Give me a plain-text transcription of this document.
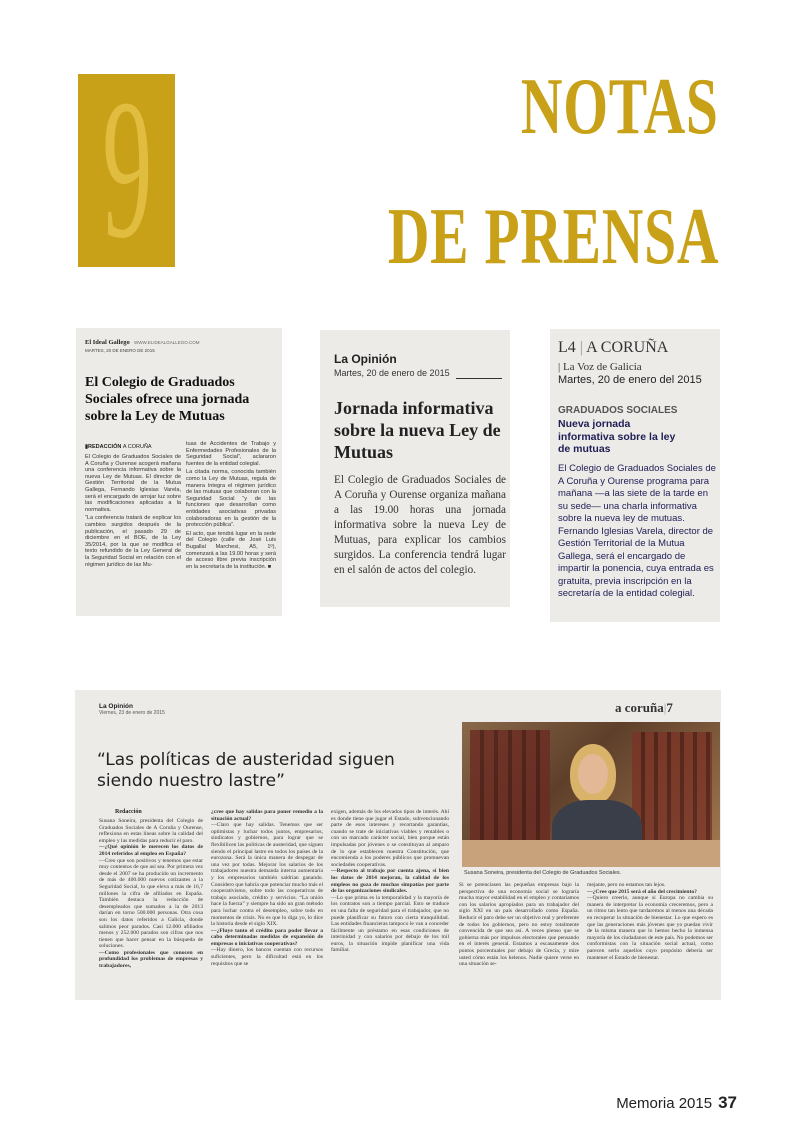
9	NOTAS
DE PRENSA
El Ideal Gallego WWW.ELIDEALGALLEGO.COM
MARTES, 20 DE ENERO DE 2015
El Colegio de Graduados Sociales ofrece una jornada sobre la Ley de Mutuas
▮REDACCIÓN A CORUÑA
El Colegio de Graduados Sociales de A Coruña y Ourense acogerá mañana una conferencia informativa sobre la nueva Ley de Mutuas. El director de Gestión Territorial de la Mutua Gallega, Fernando Iglesias Varela, será el encargado de arrojar luz sobre las modificaciones aplicadas a la normativa.
“La conferencia tratará de explicar los cambios surgidos después de la publicación, el pasado 29 de diciembre en el BOE, de la Ley 35/2014, por la que se modifica el texto refundido de la Ley General de la Seguridad Social en relación con el régimen jurídico de las Mu-
tuas de Accidentes de Trabajo y Enfermedades Profesionales de la Seguridad Social”, aclararon fuentes de la entidad colegial.
La citada norma, conocida también como la Ley de Mutuas, regula de manera íntegra el régimen jurídico de las mutuas que colaboran con la Seguridad Social “y de las funciones que desarrollan como entidades asociativas privadas colaboradoras en la gestión de la protección pública”.
El acto, que tendrá lugar en la sede del Colegio (calle de José Luis Bugallal Marchesi, A5, 1º), comenzará a las 19.00 horas y será de acceso libre previa inscripción en la secretaría de la institución. ■
La Opinión
Martes, 20 de enero de 2015
Jornada informativa sobre la nueva Ley de Mutuas
El Colegio de Graduados Sociales de A Coruña y Ourense organiza mañana a las 19.00 horas una jornada informativa sobre la nueva Ley de Mutuas, para explicar los cambios surgidos. La conferencia tendrá lugar en el salón de actos del colegio.
L4 | A CORUÑA
| La Voz de Galicia
Martes, 20 de enero del 2015
GRADUADOS SOCIALES
Nueva jornada informativa sobre la ley de mutuas
El Colegio de Graduados Sociales de A Coruña y Ourense programa para mañana —a las siete de la tarde en su sede— una charla informativa sobre la nueva ley de mutuas. Fernando Iglesias Varela, director de Gestión Territorial de la Mutua Gallega, será el encargado de impartir la ponencia, cuya entrada es gratuita, previa inscripción en la secretaría de la entidad colegial.
La Opinión
Viernes, 23 de enero de 2015	a coruña|7
“Las políticas de austeridad siguen siendo nuestro lastre”
Susana Soneira, presidenta del Colegio de Graduados Sociales.
Redacción
Susana Soneira, presidenta del Colegio de Graduados Sociales de A Coruña y Ourense, reflexiona en estas líneas sobre la calidad del empleo y las medidas para reducir el paro.
—¿Qué opinión le merecen los datos de 2014 referidos al empleo en España?
—Creo que son positivos y tenemos que estar muy contentos de que así sea. Por primera vez desde el 2007 se ha producido un incremento de más de 400.000 nuevos cotizantes a la Seguridad Social, lo que eleva a más de 16,7 millones la cifra de afiliados en España. También destaca la reducción de desempleados que sumados a la de 2013 darían en torno 500.000 personas. Otra cosa son los datos referidos a Galicia, donde salimos peor parados. Casi 12.000 afiliados menos y 252.000 parados son cifras que nos tienen que hacer pensar en la búsqueda de soluciones.
—Como profesionales que conocen en profundidad los problemas de empresas y trabajadores,
¿cree que hay salidas para poner remedio a la situación actual?
—Claro que hay salidas. Tenemos que ser optimistas y luchar todos juntos, empresarios, sindicatos y gobiernos, para lograr que se flexibilicen las políticas de austeridad, que siguen siendo el principal lastre en todos los países de la eurozona. Será la única manera de despegar de una vez por todas. Mejorar los salarios de los trabajadores nuestra demanda interna aumentaría y los empresarios también saldrían ganando. Considero que habría que potenciar mucho más el cooperativismo, sobre todo las cooperativas de trabajo asociado, crédito y servicios. “La unión hace la fuerza” y siempre ha sido un gran método para luchar contra el desempleo, sobre todo en momentos de crisis. No es que lo diga yo, lo dice la historia desde el siglo XIX.
—¿Fluye tanto el crédito para poder llevar a cabo determinadas medidas de expansión de empresas o iniciativas cooperativas?
—Hay dinero, los bancos cuentan con recursos suficientes, pero la dificultad está en los requisitos que se
exigen, además de los elevados tipos de interés. Ahí es donde tiene que jugar el Estado, subvencionando parte de esos intereses y recortando garantías, cuando se trate de iniciativas viables y rentables o con un marcado carácter social, bien porque están impulsadas por jóvenes o se constituyan al amparo de lo que establecen nuestra Constitución, que encomienda a los poderes públicos que promuevan sociedades cooperativas.
—Respecto al trabajo por cuenta ajena, si bien los datos de 2014 mejoran, la calidad de los empleos no goza de muchas simpatías por parte de las organizaciones sindicales.
—Lo que prima es la temporalidad y la mayoría de los contratos son a tiempo parcial. Esto se traduce en una falta de seguridad para el trabajador, que no puede planificar su futuro con cierta tranquilidad. Las entidades financieras tampoco le van a conceder fácilmente un préstamo en esas condiciones de interinidad y con salarios por debajo de los mil euros, la situación impide planificar una vida familiar.
Si se potenciasen las pequeñas empresas bajo la perspectiva de una economía social se lograría mucha mayor estabilidad en el empleo y contaríamos con los salarios apropiados para un trabajador del siglo XXI en un país desarrollado como España. Reducir el paro debe ser un objetivo real y preferente de todos los gobiernos, pero no estoy totalmente convencida de que sea así. A veces pienso que se gobierna más por impulsos electorales que pensando en el interés general. Estamos a escasamente dos puntos porcentuales por debajo de Grecia, y mire usted cómo están los helenos. Nadie quiere verse en una situación se-
mejante, pero no estamos tan lejos.
—¿Cree que 2015 será el año del crecimiento?
—Quiero creerlo, aunque si Europa no cambia su manera de interpretar la economía creceremos, pero a un ritmo tan lento que tardaremos al menos una década en recuperar la situación de bienestar. Lo que espero es que las generaciones más jóvenes que yo puedan vivir de la misma manera que lo hemos hecho la inmensa mayoría de los ciudadanos de este país. No podemos ser conformistas con la situación social actual, como parecen serlo aquellos cuyo propósito debería ser mantener el Estado de bienestar.
Memoria 2015 37
